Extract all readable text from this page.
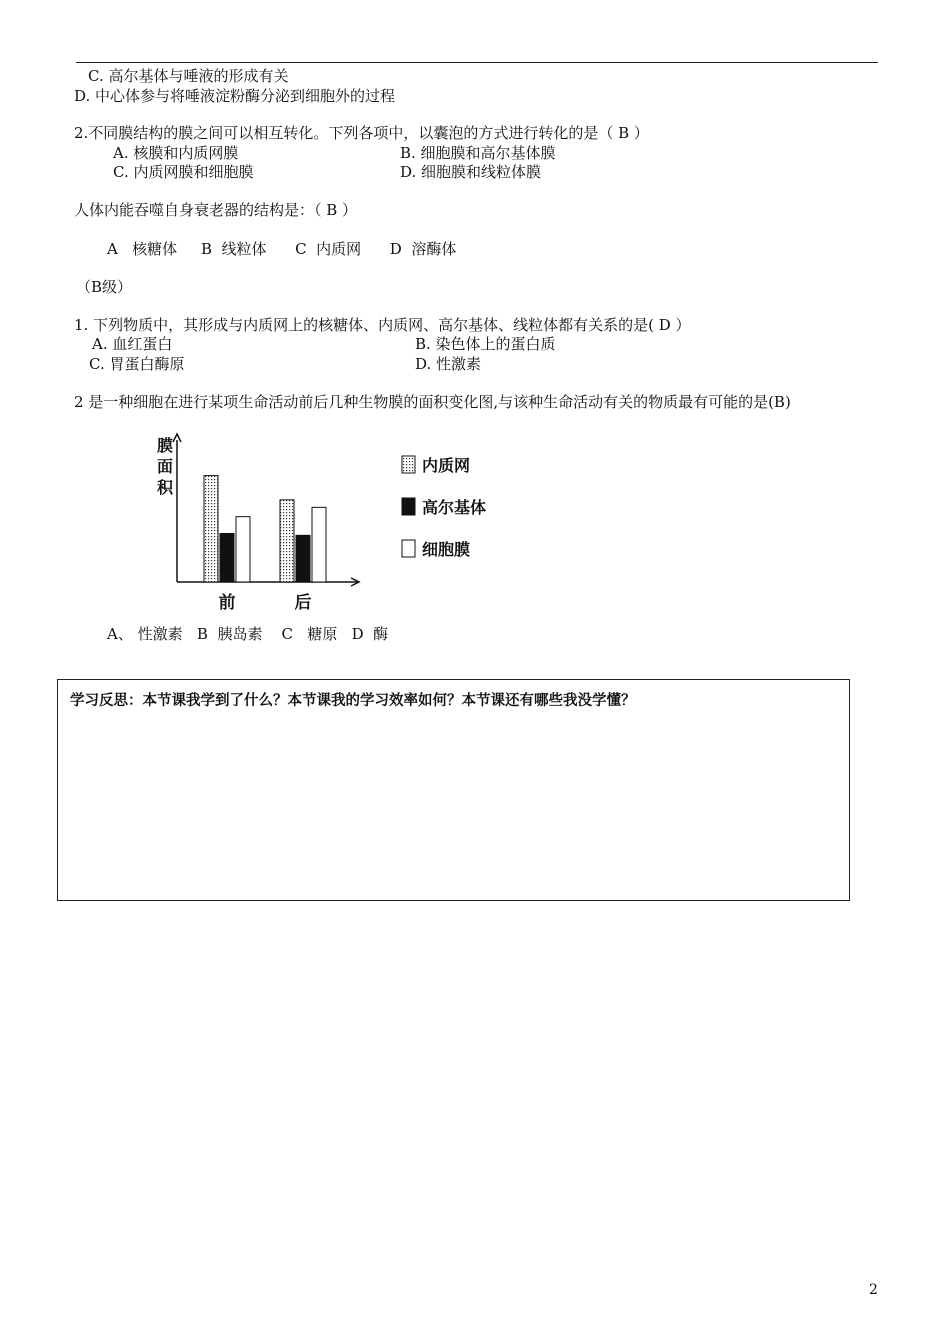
C. 高尔基体与唾液的形成有关
D. 中心体参与将唾液淀粉酶分泌到细胞外的过程
2.不同膜结构的膜之间可以相互转化。下列各项中，以囊泡的方式进行转化的是（ B ）
A. 核膜和内质网膜	B. 细胞膜和高尔基体膜
C. 内质网膜和细胞膜	D. 细胞膜和线粒体膜
人体内能吞噬自身衰老器的结构是：（ B ）
A   核糖体     B  线粒体      C  内质网      D  溶酶体
（B级）
1. 下列物质中，其形成与内质网上的核糖体、内质网、高尔基体、线粒体都有关系的是( D ）
A. 血红蛋白	B. 染色体上的蛋白质
C. 胃蛋白酶原	D. 性激素
2 是一种细胞在进行某项生命活动前后几种生物膜的面积变化图,与该种生命活动有关的物质最有可能的是(B)
膜
面
积
前	后
内质网
高尔基体
细胞膜
A、 性激素   B  胰岛素    C   糖原   D  酶
学习反思：本节课我学到了什么？本节课我的学习效率如何？本节课还有哪些我没学懂？
2
